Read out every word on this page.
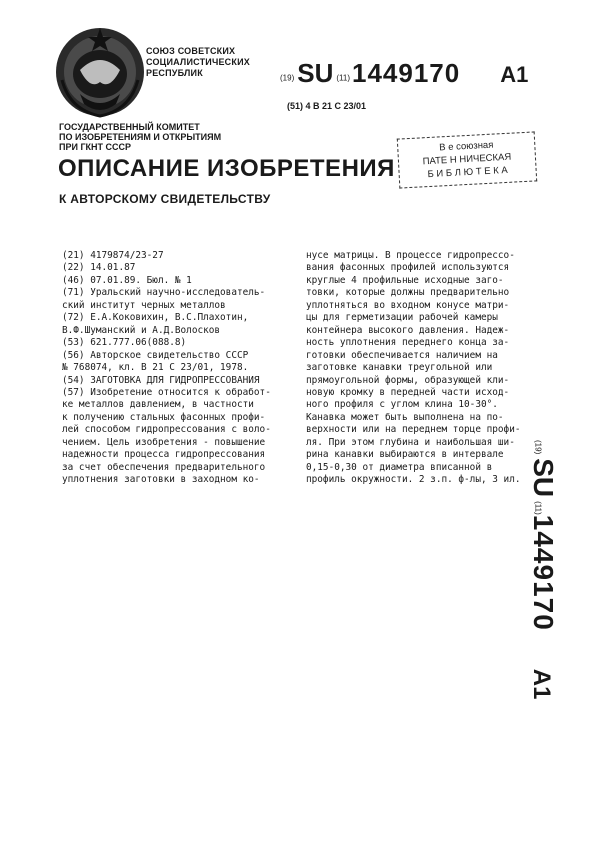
СОЮЗ СОВЕТСКИХ
СОЦИАЛИСТИЧЕСКИХ
РЕСПУБЛИК	(19) SU (11)1449170 A1
(51) 4 В 21 С 23/01
ГОСУДАРСТВЕННЫЙ КОМИТЕТ
ПО ИЗОБРЕТЕНИЯМ И ОТКРЫТИЯМ
ПРИ ГКНТ СССР
ОПИСАНИЕ ИЗОБРЕТЕНИЯ
К АВТОРСКОМУ СВИДЕТЕЛЬСТВУ
В е союзная
ПАТЕ Н НИЧЕСКАЯ
Б И Б Л Ю Т Е К А
(21) 4179874/23-27
(22) 14.01.87
(46) 07.01.89. Бюл. № 1
(71) Уральский научно-исследователь-
ский институт черных металлов
(72) Е.А.Коковихин, В.С.Плахотин,
В.Ф.Шуманский и А.Д.Волосков
(53) 621.777.06(088.8)
(56) Авторское свидетельство СССР
№ 768074, кл. В 21 С 23/01, 1978.
(54) ЗАГОТОВКА ДЛЯ ГИДРОПРЕССОВАНИЯ
(57) Изобретение относится к обработ-
ке металлов давлением, в частности
к получению стальных фасонных профи-
лей способом гидропрессования с воло-
чением. Цель изобретения - повышение
надежности процесса гидропрессования
за счет обеспечения предварительного
уплотнения заготовки в заходном ко-
нусе матрицы. В процессе гидропрессо-
вания фасонных профилей используются
круглые 4 профильные исходные заго-
товки, которые должны предварительно
уплотняться во входном конусе матри-
цы для герметизации рабочей камеры
контейнера высокого давления. Надеж-
ность уплотнения переднего конца за-
готовки обеспечивается наличием на
заготовке канавки треугольной или
прямоугольной формы, образующей кли-
новую кромку в передней части исход-
ного профиля с углом клина 10-30°.
Канавка может быть выполнена на по-
верхности или на переднем торце профи-
ля. При этом глубина и наибольшая ши-
рина канавки выбираются в интервале
0,15-0,30 от диаметра вписанной в
профиль окружности. 2 з.п. ф-лы, 3 ил.
(19)SU(11)1449170A1
